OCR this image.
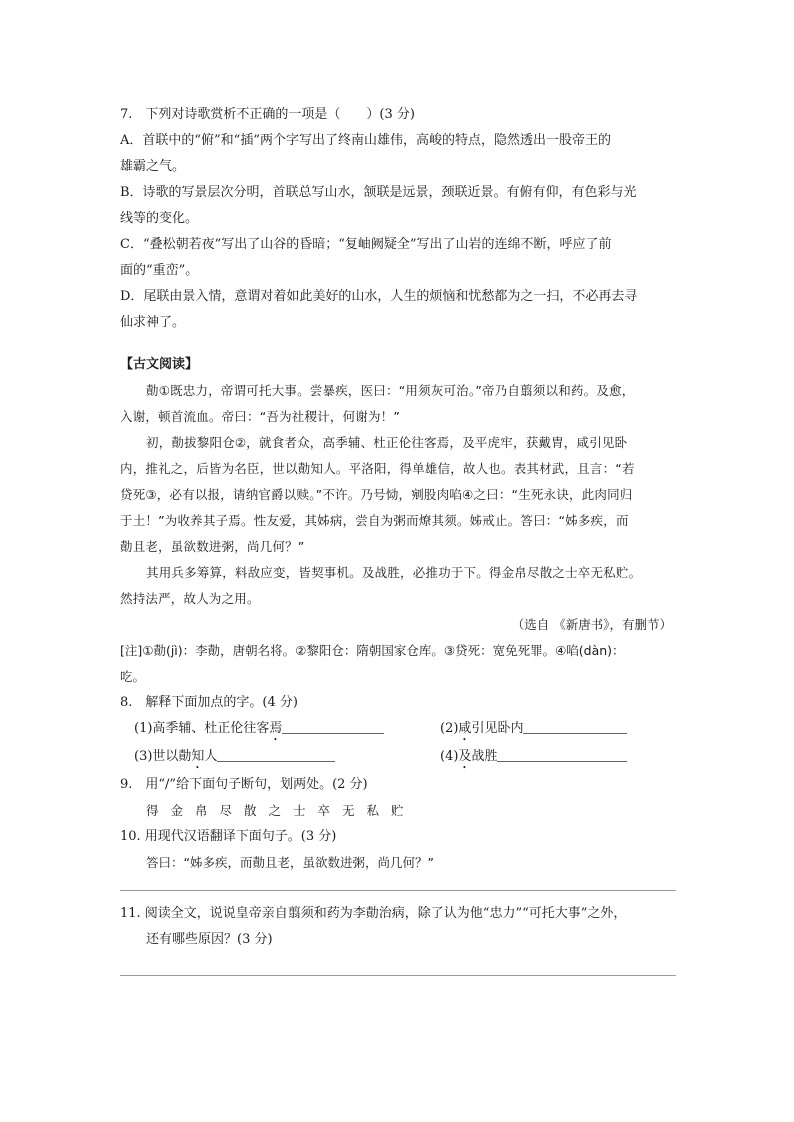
7.　下列对诗歌赏析不正确的一项是（　　）(3 分)
A．首联中的“俯”和“插”两个字写出了终南山雄伟，高峻的特点，隐然透出一股帝王的
雄霸之气。
B．诗歌的写景层次分明，首联总写山水，颔联是远景，颈联近景。有俯有仰，有色彩与光
线等的变化。
C．“叠松朝若夜”写出了山谷的昏暗；“复岫阙疑全”写出了山岩的连绵不断，呼应了前
面的“重峦”。
D．尾联由景入情，意谓对着如此美好的山水，人生的烦恼和忧愁都为之一扫，不必再去寻
仙求神了。
【古文阅读】
勣①既忠力，帝谓可托大事。尝暴疾，医曰：“用须灰可治。”帝乃自翦须以和药。及愈，
入谢，顿首流血。帝曰：“吾为社稷计，何谢为！”
初，勣拔黎阳仓②，就食者众，高季辅、杜正伦往客焉，及平虎牢，获戴胄，咸引见卧
内，推礼之，后皆为名臣，世以勣知人。平洛阳，得单雄信，故人也。表其材武，且言：“若
贷死③，必有以报，请纳官爵以赎。”不许。乃号恸，剜股肉啗④之曰：“生死永诀，此肉同归
于土！”为收养其子焉。性友爱，其姊病，尝自为粥而燎其须。姊戒止。答曰：“姊多疾，而
勣且老，虽欲数进粥，尚几何？”
其用兵多筹算，料敌应变，皆契事机。及战胜，必推功于下。得金帛尽散之士卒无私贮。
然持法严，故人为之用。
（选自 《新唐书》，有删节）
[注]①勣(jì)：李勣，唐朝名将。②黎阳仓：隋朝国家仓库。③贷死：宽免死罪。④啗(dàn)：
吃。
8.　解释下面加点的字。(4 分)
(1)高季辅、杜正伦往客焉	(2)咸引见卧内
(3)世以勣知人	(4)及战胜
9.　用“/”给下面句子断句，划两处。(2 分)
得金帛尽散之士卒无私贮
10. 用现代汉语翻译下面句子。(3 分)
答曰：“姊多疾，而勣且老，虽欲数进粥，尚几何？”
11. 阅读全文，说说皇帝亲自翦须和药为李勣治病，除了认为他“忠力”“可托大事”之外，
还有哪些原因？(3 分)
